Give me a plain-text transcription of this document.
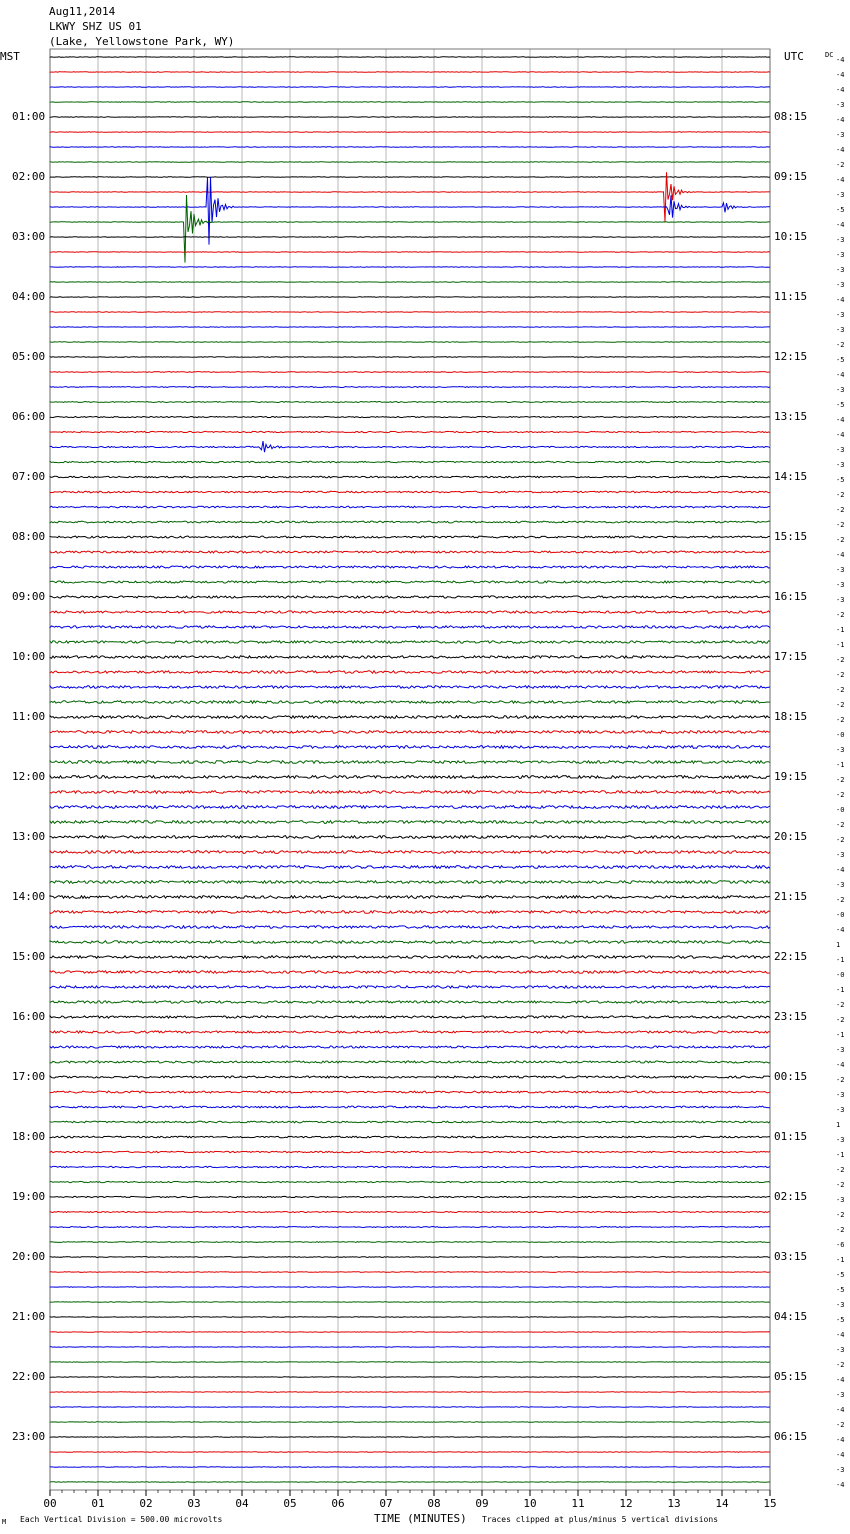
Aug11,2014
LKWY SHZ US 01
(Lake, Yellowstone Park, WY)
00	01	02	03	04	05	06	07	08	09	10	11	12	13	14	15
MST	UTC	DC
01:00
02:00
03:00
04:00
05:00
06:00
07:00
08:00
09:00
10:00
11:00
12:00
13:00
14:00
15:00
16:00
17:00
18:00
19:00
20:00
21:00
22:00
23:00
08:15
09:15
10:15
11:15
12:15
13:15
14:15
15:15
16:15
17:15
18:15
19:15
20:15
21:15
22:15
23:15
00:15
01:15
02:15
03:15
04:15
05:15
06:15
-4
-4
-4
-3
-4
-3
-4
-2
-4
-3
-5
-4
-3
-3
-3
-3
-4
-3
-3
-2
-5
-4
-3
-5
-4
-4
-3
-3
-5
-2
-2
-2
-2
-4
-3
-3
-3
-2
-1
-1
-2
-2
-2
-2
-2
-0
-3
-1
-2
-2
-0
-2
-2
-3
-4
-3
-2
-0
-4
1
-1
-0
-1
-2
-2
-1
-3
-4
-2
-3
-3
1
-3
-1
-2
-2
-3
-2
-2
-6
-1
-5
-5
-3
-5
-4
-3
-2
-4
-3
-4
-2
-4
-4
-3
-4
M Each Vertical Division = 500.00 microvolts	TIME (MINUTES) Traces clipped at plus/minus 5 vertical divisions
